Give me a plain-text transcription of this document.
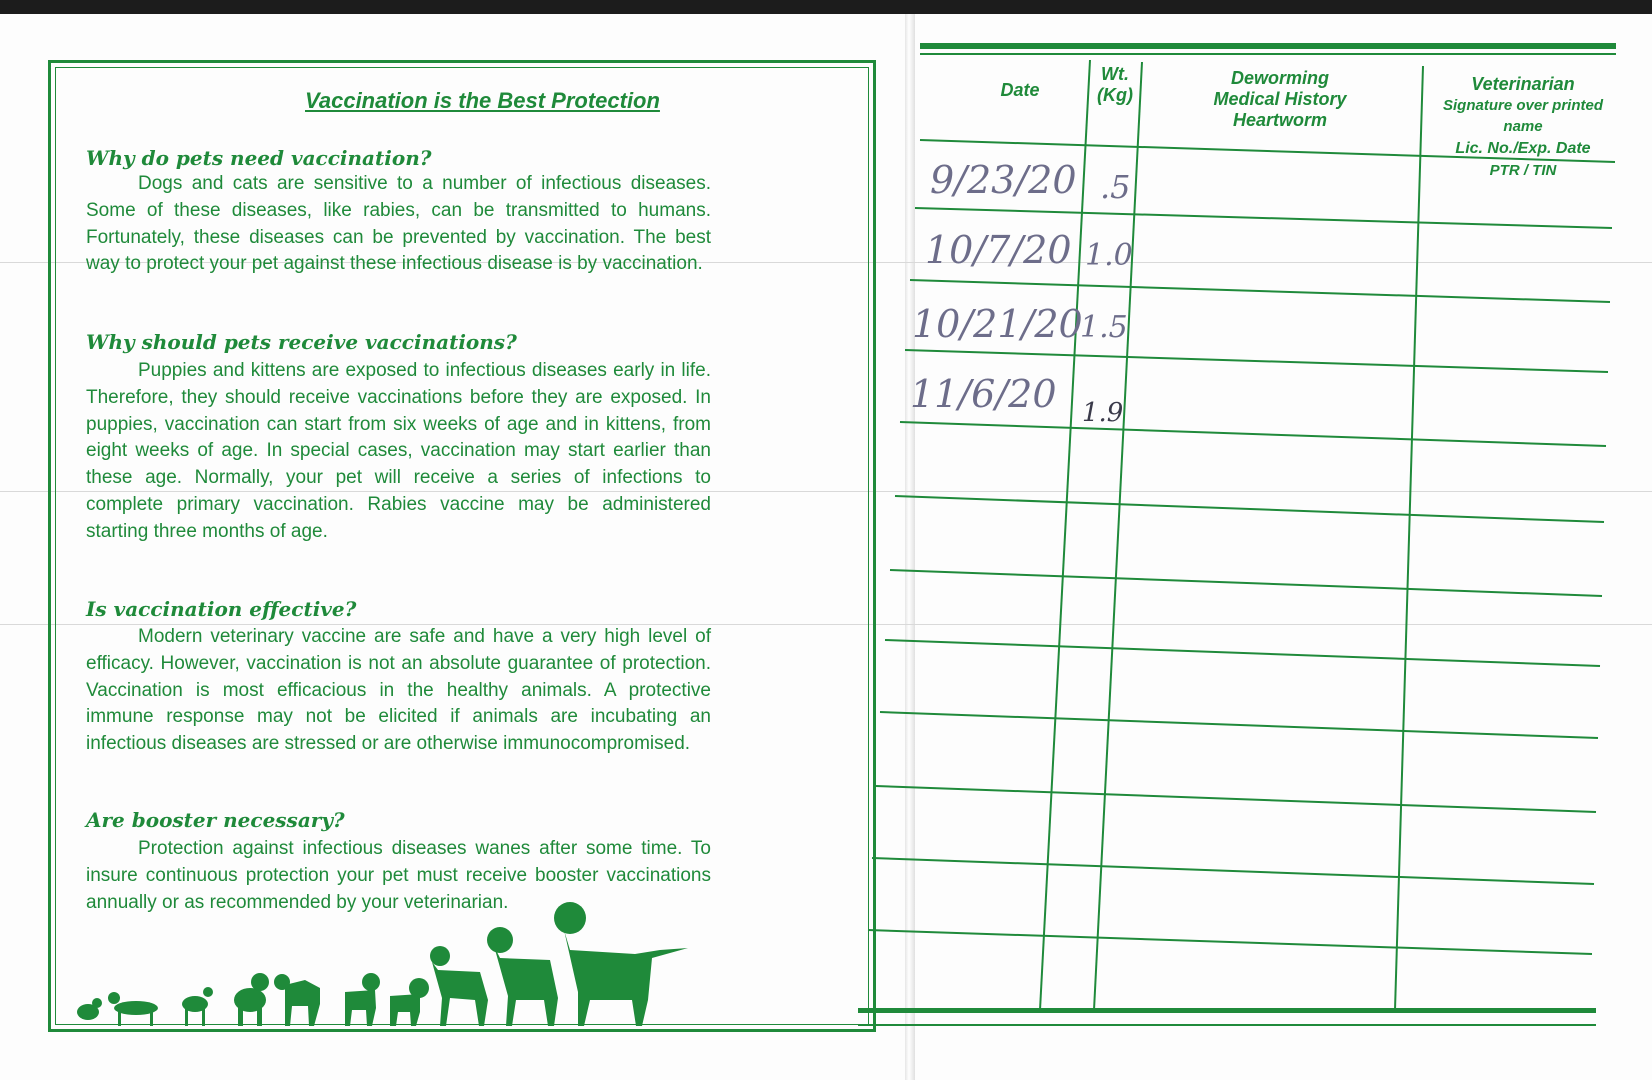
Vaccination is the Best Protection
Why do pets need vaccination?
Dogs and cats are sensitive to a number of infectious diseases. Some of these diseases, like rabies, can be transmitted to humans. Fortunately, these diseases can be prevented by vaccination. The best way to protect your pet against these infectious disease is by vaccination.
Why should pets receive vaccinations?
Puppies and kittens are exposed to infectious diseases early in life. Therefore, they should receive vaccinations before they are exposed. In puppies, vaccination can start from six weeks of age and in kittens, from eight weeks of age. In special cases, vaccination may start earlier than these age. Normally, your pet will receive a series of infections to complete primary vaccination. Rabies vaccine may be administered starting three months of age.
Is vaccination effective?
Modern veterinary vaccine are safe and have a very high level of efficacy. However, vaccination is not an absolute guarantee of protection. Vaccination is most efficacious in the healthy animals. A protective immune response may not be elicited if animals are incubating an infectious diseases are stressed or are otherwise immunocompromised.
Are booster necessary?
Protection against infectious diseases wanes after some time. To insure continuous protection your pet must receive booster vaccinations annually or as recommended by your veterinarian.
Date
Wt.
(Kg)
Deworming
Medical History
Heartworm
Veterinarian
Signature over printed name
Lic. No./Exp. Date
PTR / TIN
9/23/20 .5
10/7/20 1.0
10/21/20
1.5
11/6/20 1.9
